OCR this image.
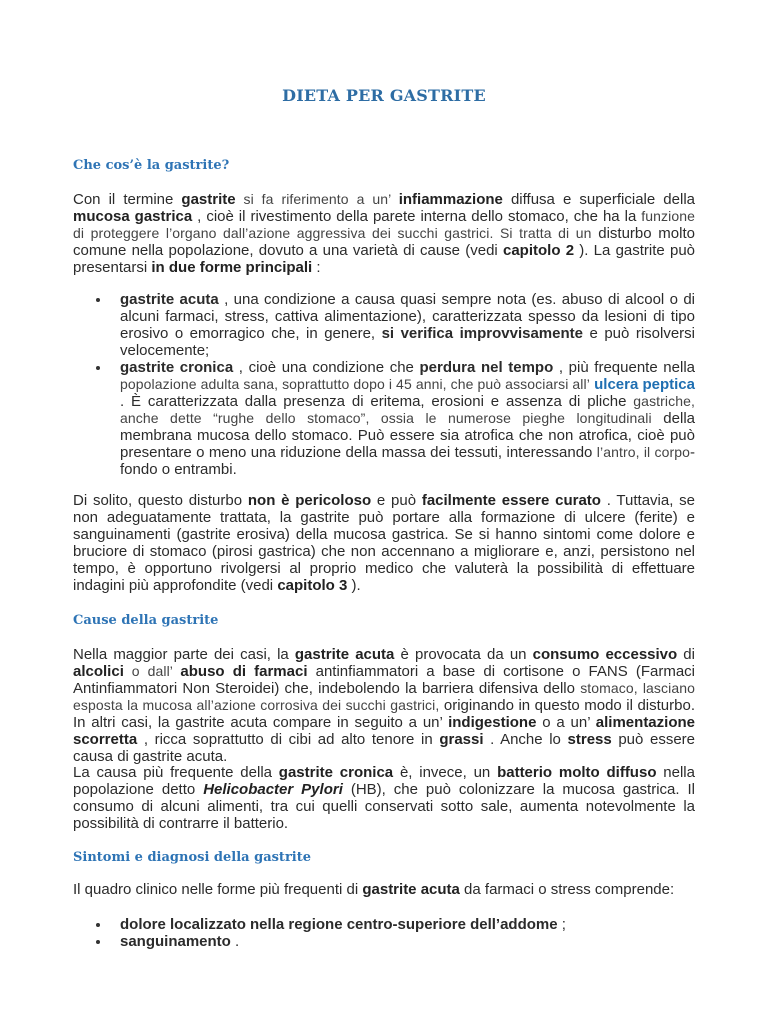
DIETA PER GASTRITE
Che cos’è la gastrite?
Con il termine gastrite si fa riferimento a un’ infiammazione diffusa e superficiale della mucosa gastrica , cioè il rivestimento della parete interna dello stomaco, che ha la funzione di proteggere l’organo dall’azione aggressiva dei succhi gastrici. Si tratta di un disturbo molto comune nella popolazione, dovuto a una varietà di cause (vedi capitolo 2 ). La gastrite può presentarsi in due forme principali :
gastrite acuta , una condizione a causa quasi sempre nota (es. abuso di alcool o di alcuni farmaci, stress, cattiva alimentazione), caratterizzata spesso da lesioni di tipo erosivo o emorragico che, in genere, si verifica improvvisamente e può risolversi velocemente;
gastrite cronica , cioè una condizione che perdura nel tempo , più frequente nella popolazione adulta sana, soprattutto dopo i 45 anni, che può associarsi all’ ulcera peptica . È caratterizzata dalla presenza di eritema, erosioni e assenza di pliche gastriche, anche dette “rughe dello stomaco”, ossia le numerose pieghe longitudinali della membrana mucosa dello stomaco. Può essere sia atrofica che non atrofica, cioè può presentare o meno una riduzione della massa dei tessuti, interessando l’antro, il corpo-fondo o entrambi.
Di solito, questo disturbo non è pericoloso e può facilmente essere curato . Tuttavia, se non adeguatamente trattata, la gastrite può portare alla formazione di ulcere (ferite) e sanguinamenti (gastrite erosiva) della mucosa gastrica. Se si hanno sintomi come dolore e bruciore di stomaco (pirosi gastrica) che non accennano a migliorare e, anzi, persistono nel tempo, è opportuno rivolgersi al proprio medico che valuterà la possibilità di effettuare indagini più approfondite (vedi capitolo 3 ).
Cause della gastrite
Nella maggior parte dei casi, la gastrite acuta è provocata da un consumo eccessivo di alcolici o dall’ abuso di farmaci antinfiammatori a base di cortisone o FANS (Farmaci Antinfiammatori Non Steroidei) che, indebolendo la barriera difensiva dello stomaco, lasciano esposta la mucosa all’azione corrosiva dei succhi gastrici, originando in questo modo il disturbo. In altri casi, la gastrite acuta compare in seguito a un’ indigestione o a un’ alimentazione scorretta , ricca soprattutto di cibi ad alto tenore in grassi . Anche lo stress può essere causa di gastrite acuta.
La causa più frequente della gastrite cronica è, invece, un batterio molto diffuso nella popolazione detto Helicobacter Pylori (HB), che può colonizzare la mucosa gastrica. Il consumo di alcuni alimenti, tra cui quelli conservati sotto sale, aumenta notevolmente la possibilità di contrarre il batterio.
Sintomi e diagnosi della gastrite
Il quadro clinico nelle forme più frequenti di gastrite acuta da farmaci o stress comprende:
dolore localizzato nella regione centro-superiore dell’addome ;
sanguinamento .
